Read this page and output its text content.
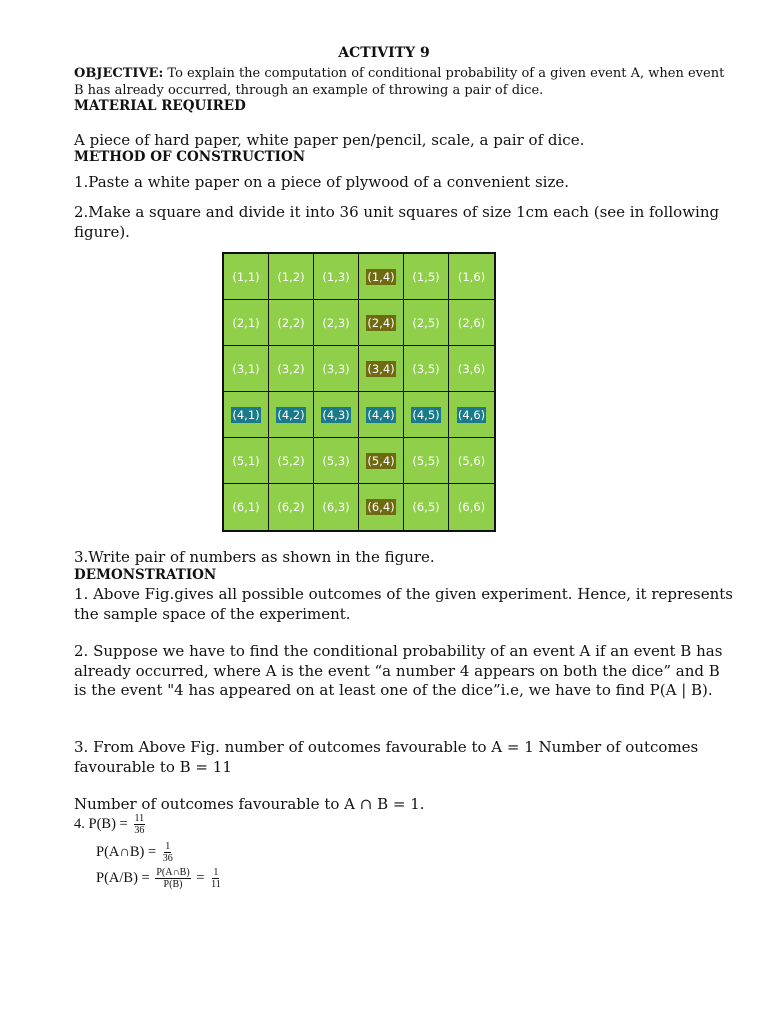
ACTIVITY 9

OBJECTIVE: To explain the computation of conditional probability of a given event A, when event B has already occurred, through an example of throwing a pair of dice.

MATERIAL REQUIRED

A piece of hard paper, white paper pen/pencil, scale, a pair of dice.

METHOD OF CONSTRUCTION

1.Paste a white paper on a piece of plywood of a convenient size.

2.Make a square and divide it into 36 unit squares of size 1cm each (see in following figure).

(1,1) (1,2) (1,3) (1,4) (1,5) (1,6)
(2,1) (2,2) (2,3) (2,4) (2,5) (2,6)
(3,1) (3,2) (3,3) (3,4) (3,5) (3,6)
(4,1) (4,2) (4,3) (4,4) (4,5) (4,6)
(5,1) (5,2) (5,3) (5,4) (5,5) (5,6)
(6,1) (6,2) (6,3) (6,4) (6,5) (6,6)

3.Write pair of numbers as shown in the figure.

DEMONSTRATION

1. Above Fig.gives all possible outcomes of the given experiment. Hence, it represents the sample space of the experiment.

2. Suppose we have to find the conditional probability of an event A if an event B has already occurred, where A is the event “a number 4 appears on both the dice” and B is the event "4 has appeared on at least one of the dice”i.e, we have to find P(A | B).

3. From Above Fig. number of outcomes favourable to A = 1 Number of outcomes favourable to B = 11

Number of outcomes favourable to A ∩ B = 1.

4. $P(B) = \frac{11}{36}$
P(A∩B) = $\frac{1}{36}$
$P(A/B) = \frac{P(A\cap B)}{P(B)} = \frac{1}{11}$
